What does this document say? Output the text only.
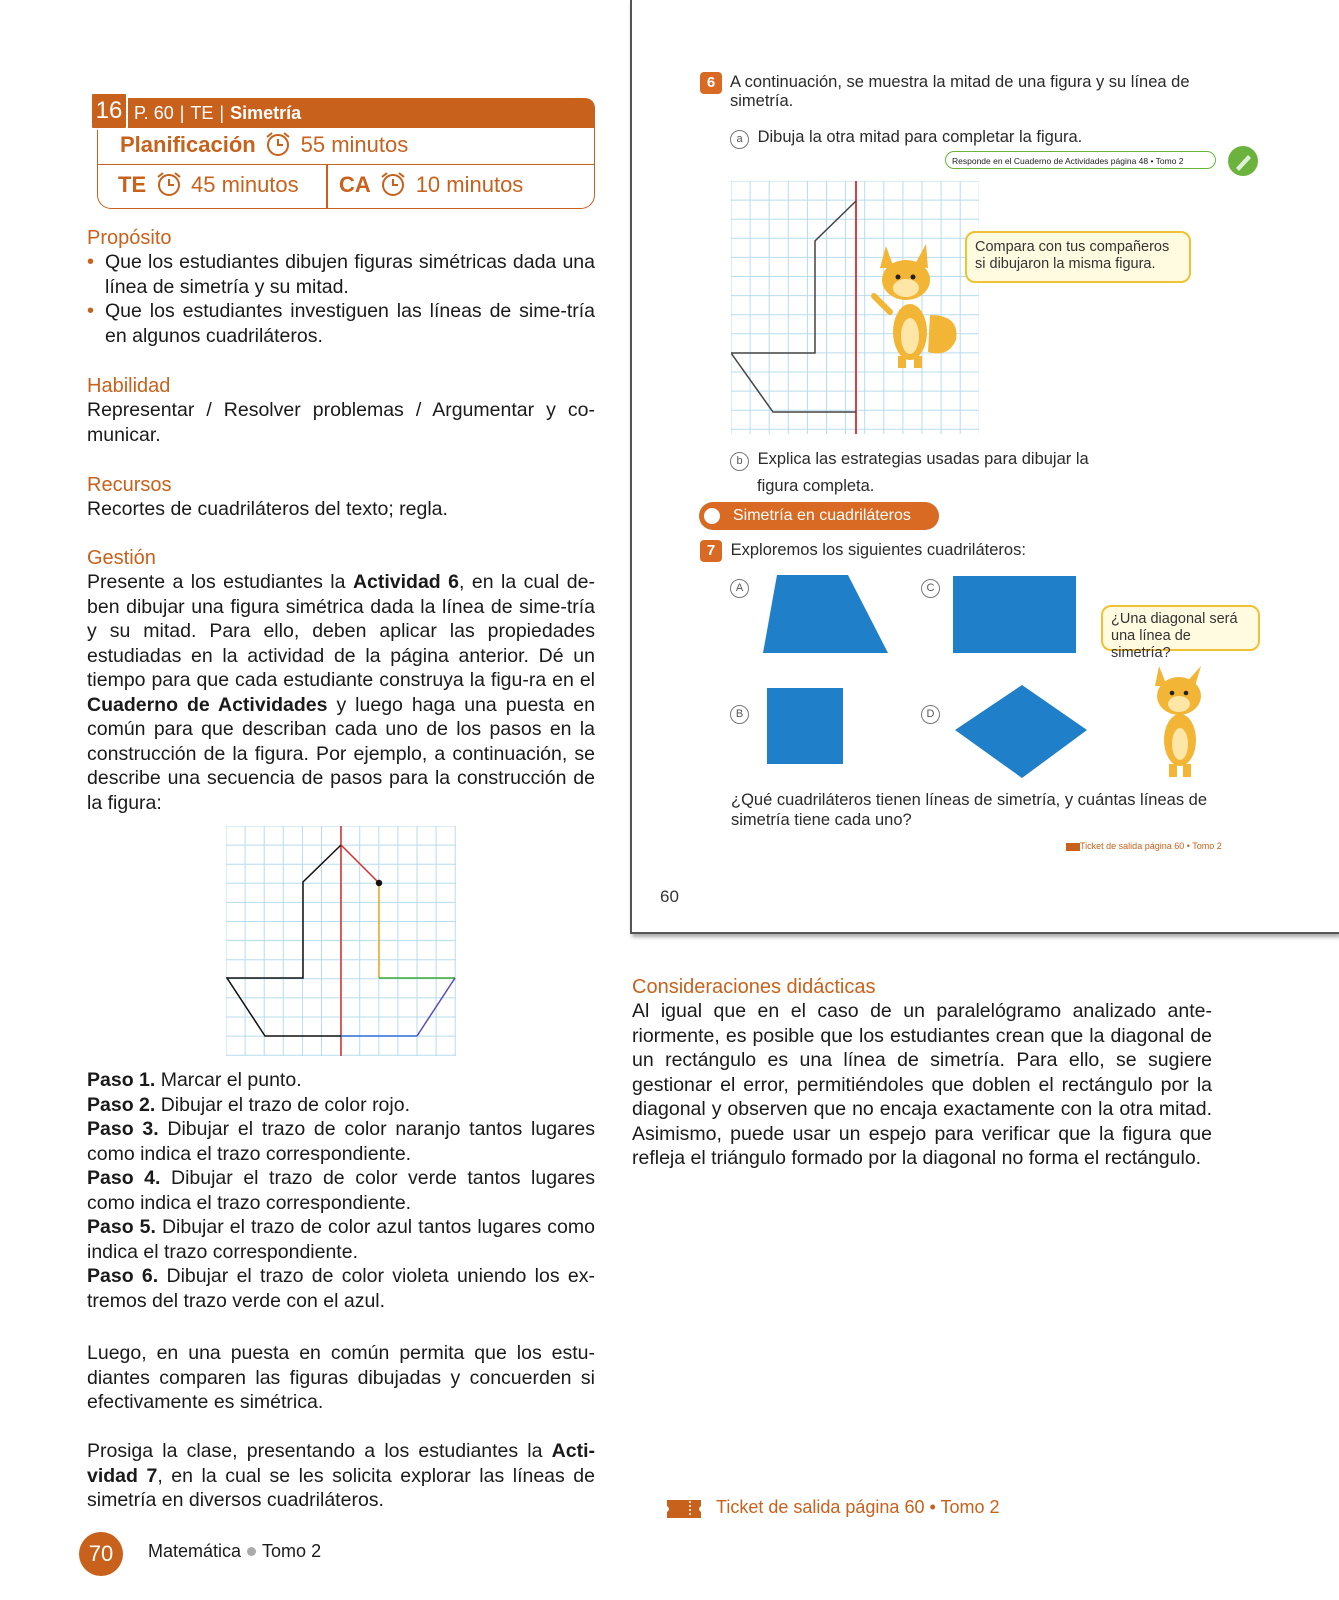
Planificación 55 minutos
TE 45 minutos CA 10 minutos
P. 60 | TE | Simetría
16
Propósito
• Que los estudiantes dibujen figuras simétricas dada una línea de simetría y su mitad.
• Que los estudiantes investiguen las líneas de sime-tría en algunos cuadriláteros.
Habilidad
Representar / Resolver problemas / Argumentar y co-municar.
Recursos
Recortes de cuadriláteros del texto; regla.
Gestión
Presente a los estudiantes la Actividad 6, en la cual de-ben dibujar una figura simétrica dada la línea de sime-tría y su mitad. Para ello, deben aplicar las propiedades estudiadas en la actividad de la página anterior. Dé un tiempo para que cada estudiante construya la figu-ra en el Cuaderno de Actividades y luego haga una puesta en común para que describan cada uno de los pasos en la construcción de la figura. Por ejemplo, a continuación, se describe una secuencia de pasos para la construcción de la figura:
Paso 1. Marcar el punto.
Paso 2. Dibujar el trazo de color rojo.
Paso 3. Dibujar el trazo de color naranjo tantos lugares como indica el trazo correspondiente.
Paso 4. Dibujar el trazo de color verde tantos lugares como indica el trazo correspondiente.
Paso 5. Dibujar el trazo de color azul tantos lugares como indica el trazo correspondiente.
Paso 6. Dibujar el trazo de color violeta uniendo los ex-tremos del trazo verde con el azul.
Luego, en una puesta en común permita que los estu-diantes comparen las figuras dibujadas y concuerden si efectivamente es simétrica.
Prosiga la clase, presentando a los estudiantes la Acti-vidad 7, en la cual se les solicita explorar las líneas de simetría en diversos cuadriláteros.
70	Matemática Tomo 2
6 A continuación, se muestra la mitad de una figura y su línea de simetría.
a Dibuja la otra mitad para completar la figura.
Responde en el Cuaderno de Actividades página 48 • Tomo 2
Compara con tus compañeros si dibujaron la misma figura.
b Explica las estrategias usadas para dibujar la
figura completa.
Simetría en cuadriláteros
7 Exploremos los siguientes cuadriláteros:
A
B
C
D
¿Una diagonal será una línea de simetría?
¿Qué cuadriláteros tienen líneas de simetría, y cuántas líneas de simetría tiene cada uno?
Ticket de salida página 60 • Tomo 2
60
Consideraciones didácticas
Al igual que en el caso de un paralelógramo analizado ante-riormente, es posible que los estudiantes crean que la diagonal de un rectángulo es una línea de simetría. Para ello, se sugiere gestionar el error, permitiéndoles que doblen el rectángulo por la diagonal y observen que no encaja exactamente con la otra mitad. Asimismo, puede usar un espejo para verificar que la figura que refleja el triángulo formado por la diagonal no forma el rectángulo.
Ticket de salida página 60 • Tomo 2
